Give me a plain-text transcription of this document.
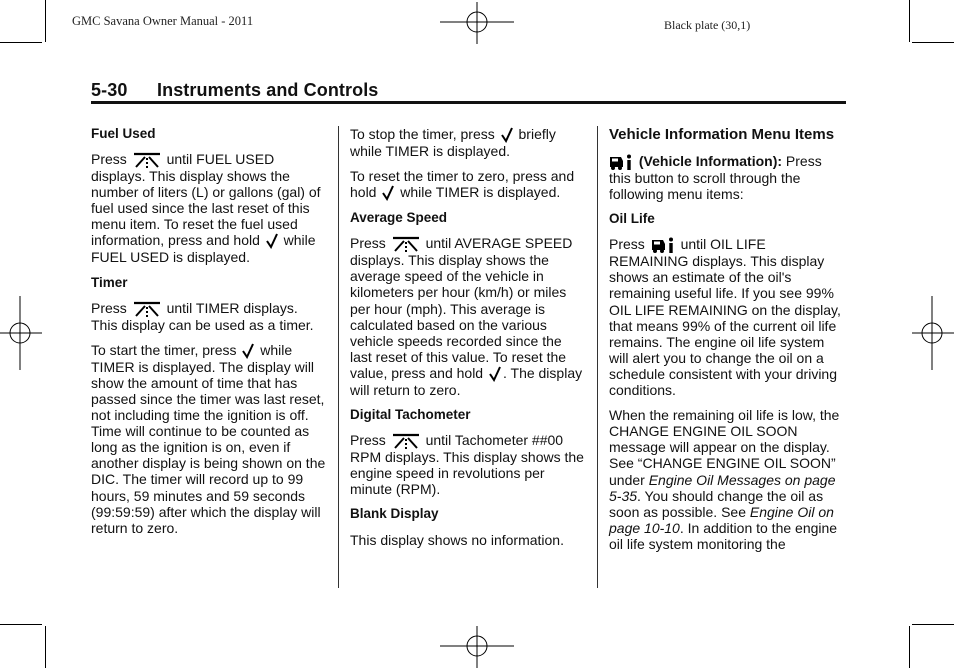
GMC Savana Owner Manual - 2011	Black plate (30,1)
5-30 Instruments and Controls
Fuel Used

Press	until FUEL USED displays. This display shows the number of liters (L) or gallons (gal) of fuel used since the last reset of this menu item. To reset the fuel used information, press and hold while FUEL USED is displayed.

Timer

Press	until TIMER displays. This display can be used as a timer.

To start the timer, press while TIMER is displayed. The display will show the amount of time that has passed since the timer was last reset, not including time the ignition is off. Time will continue to be counted as long as the ignition is on, even if another display is being shown on the DIC. The timer will record up to 99 hours, 59 minutes and 59 seconds (99:59:59) after which the display will return to zero.

To stop the timer, press briefly while TIMER is displayed.

To reset the timer to zero, press and hold while TIMER is displayed.

Average Speed

Press	until AVERAGE SPEED displays. This display shows the average speed of the vehicle in kilometers per hour (km/h) or miles per hour (mph). This average is calculated based on the various vehicle speeds recorded since the last reset of this value. To reset the value, press and hold . The display will return to zero.

Digital Tachometer

Press	until Tachometer ##00 RPM displays. This display shows the engine speed in revolutions per minute (RPM).

Blank Display

This display shows no information.

Vehicle Information Menu Items

(Vehicle Information): Press this button to scroll through the following menu items:

Oil Life

Press	until OIL LIFE REMAINING displays. This display shows an estimate of the oil's remaining useful life. If you see 99% OIL LIFE REMAINING on the display, that means 99% of the current oil life remains. The engine oil life system will alert you to change the oil on a schedule consistent with your driving conditions.

When the remaining oil life is low, the CHANGE ENGINE OIL SOON message will appear on the display. See “CHANGE ENGINE OIL SOON” under Engine Oil Messages on page 5-35. You should change the oil as soon as possible. See Engine Oil on page 10-10. In addition to the engine oil life system monitoring the
